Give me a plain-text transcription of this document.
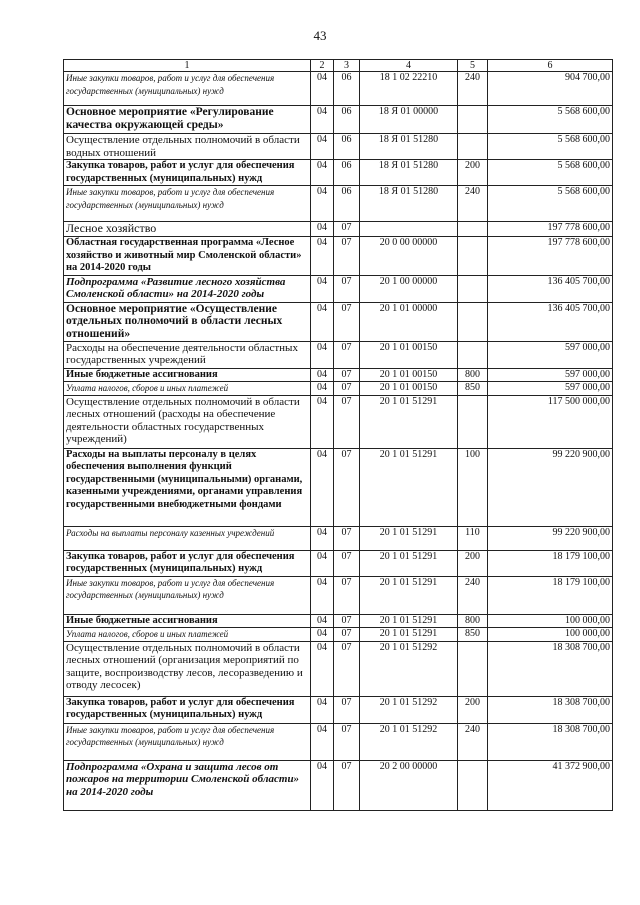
43
1	2	3	4	5	6
Иные закупки товаров, работ и услуг для обеспечения государственных (муниципальных) нужд	04	06	18 1 02 22210	240	904 700,00
Основное мероприятие «Регулирование качества окружающей среды»	04	06	18 Я 01 00000		5 568 600,00
Осуществление отдельных полномочий в области водных отношений	04	06	18 Я 01 51280		5 568 600,00
Закупка товаров, работ и услуг для обеспечения государственных (муниципальных) нужд	04	06	18 Я 01 51280	200	5 568 600,00
Иные закупки товаров, работ и услуг для обеспечения государственных (муниципальных) нужд	04	06	18 Я 01 51280	240	5 568 600,00
Лесное хозяйство	04	07			197 778 600,00
Областная государственная программа «Лесное хозяйство и животный мир Смоленской области» на 2014-2020 годы	04	07	20 0 00 00000		197 778 600,00
Подпрограмма «Развитие лесного хозяйства Смоленской области» на 2014-2020 годы	04	07	20 1 00 00000		136 405 700,00
Основное мероприятие «Осуществление отдельных полномочий в области лесных отношений»	04	07	20 1 01 00000		136 405 700,00
Расходы на обеспечение деятельности областных государственных учреждений	04	07	20 1 01 00150		597 000,00
Иные бюджетные ассигнования	04	07	20 1 01 00150	800	597 000,00
Уплата налогов, сборов и иных платежей	04	07	20 1 01 00150	850	597 000,00
Осуществление отдельных полномочий в области лесных отношений (расходы на обеспечение деятельности областных государственных учреждений)	04	07	20 1 01 51291		117 500 000,00
Расходы на выплаты персоналу в целях обеспечения выполнения функций государственными (муниципальными) органами, казенными учреждениями, органами управления государственными внебюджетными фондами	04	07	20 1 01 51291	100	99 220 900,00
Расходы на выплаты персоналу казенных учреждений	04	07	20 1 01 51291	110	99 220 900,00
Закупка товаров, работ и услуг для обеспечения государственных (муниципальных) нужд	04	07	20 1 01 51291	200	18 179 100,00
Иные закупки товаров, работ и услуг для обеспечения государственных (муниципальных) нужд	04	07	20 1 01 51291	240	18 179 100,00
Иные бюджетные ассигнования	04	07	20 1 01 51291	800	100 000,00
Уплата налогов, сборов и иных платежей	04	07	20 1 01 51291	850	100 000,00
Осуществление отдельных полномочий в области лесных отношений (организация мероприятий по защите, воспроизводству лесов, лесоразведению и отводу лесосек)	04	07	20 1 01 51292		18 308 700,00
Закупка товаров, работ и услуг для обеспечения государственных (муниципальных) нужд	04	07	20 1 01 51292	200	18 308 700,00
Иные закупки товаров, работ и услуг для обеспечения государственных (муниципальных) нужд	04	07	20 1 01 51292	240	18 308 700,00
Подпрограмма «Охрана и защита лесов от пожаров на территории Смоленской области» на 2014-2020 годы	04	07	20 2 00 00000		41 372 900,00
